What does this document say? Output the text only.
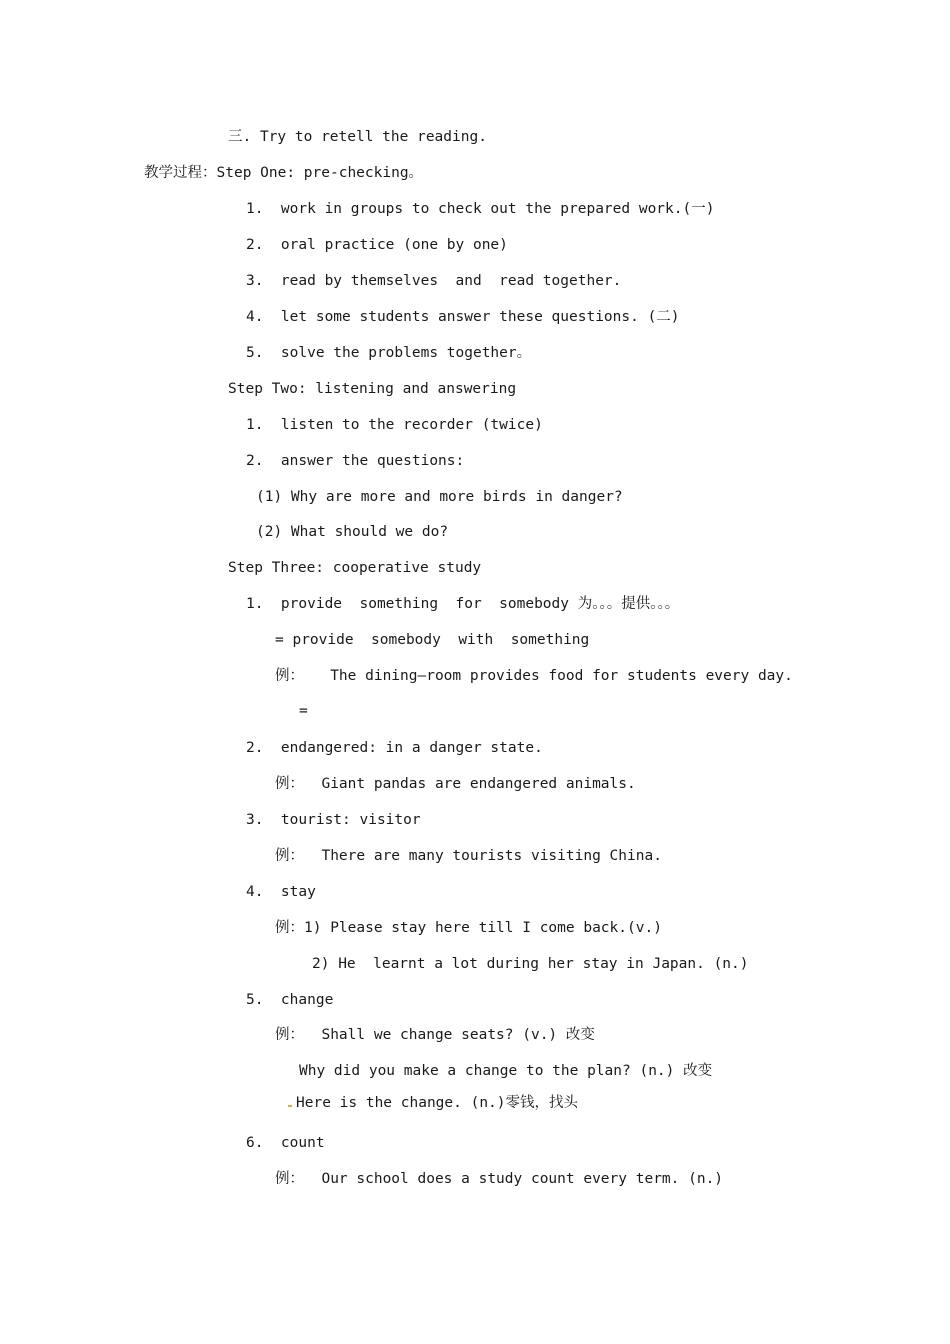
三. Try to retell the reading.

教学过程：Step One: pre-checking。

1.  work in groups to check out the prepared work.(一)

2.  oral practice (one by one)

3.  read by themselves  and  read together.

4.  let some students answer these questions. (二)

5.  solve the problems together。

Step Two: listening and answering

1.  listen to the recorder (twice)

2.  answer the questions:

(1) Why are more and more birds in danger?

(2) What should we do?

Step Three: cooperative study

1.  provide  something  for  somebody 为。。。提供。。。

= provide  somebody  with  something

例：   The dining—room provides food for students every day.

=

2.  endangered: in a danger state.

例：  Giant pandas are endangered animals.

3.  tourist: visitor

例：  There are many tourists visiting China.

4.  stay

例：1) Please stay here till I come back.(v.)

2) He  learnt a lot during her stay in Japan. (n.)

5.  change

例：  Shall we change seats? (v.) 改变

Why did you make a change to the plan? (n.) 改变

Here is the change. (n.)零钱，找头

6.  count

例：  Our school does a study count every term. (n.)
